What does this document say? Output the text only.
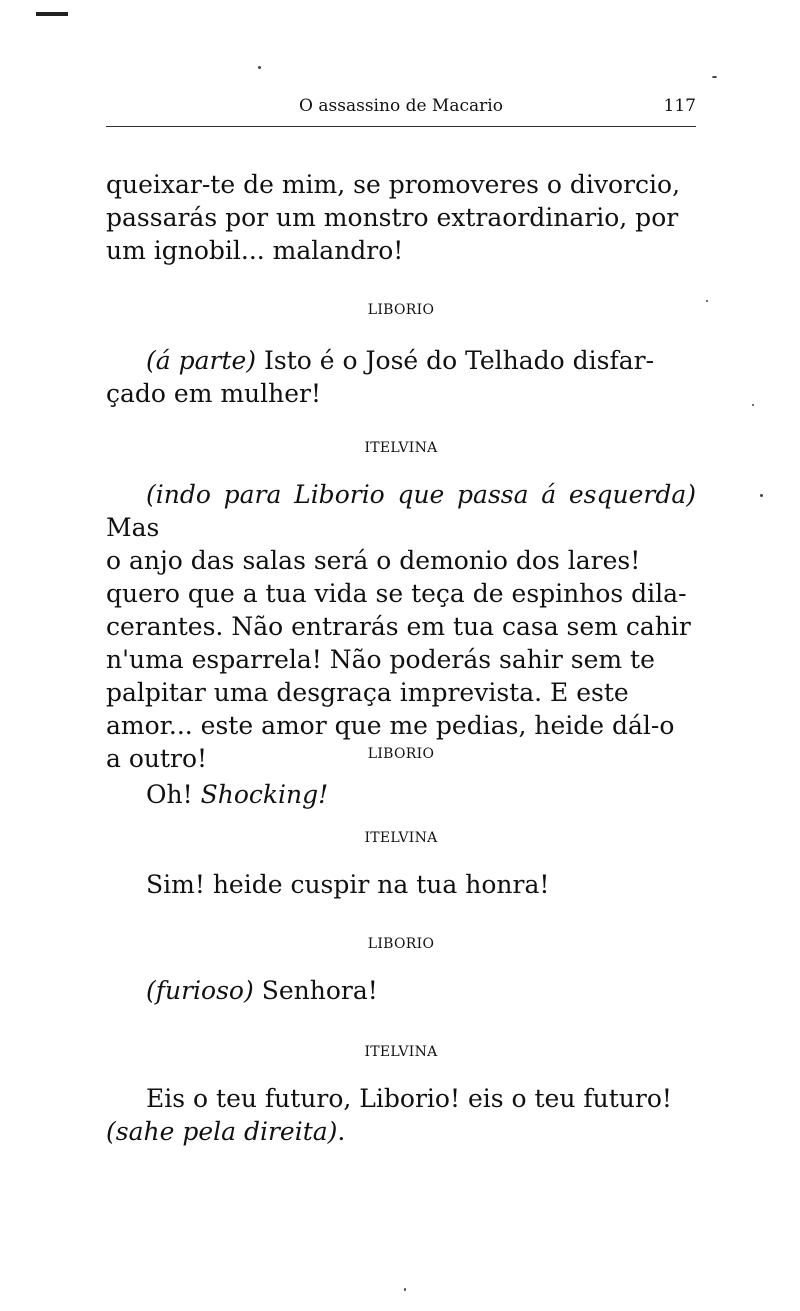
O assassino de Macario	117
queixar-te de mim, se promoveres o divorcio,
passarás por um monstro extraordinario, por
um ignobil... malandro!
LIBORIO
(á parte) Isto é o José do Telhado disfar-
çado em mulher!
ITELVINA
(indo para Liborio que passa á esquerda) Mas
o anjo das salas será o demonio dos lares!
quero que a tua vida se teça de espinhos dila-
cerantes. Não entrarás em tua casa sem cahir
n'uma esparrela! Não poderás sahir sem te
palpitar uma desgraça imprevista. E este
amor... este amor que me pedias, heide dál-o
a outro!	LIBORIO
Oh! Shocking!
ITELVINA
Sim! heide cuspir na tua honra!
LIBORIO
(furioso) Senhora!
ITELVINA
Eis o teu futuro, Liborio! eis o teu futuro!
(sahe pela direita).
